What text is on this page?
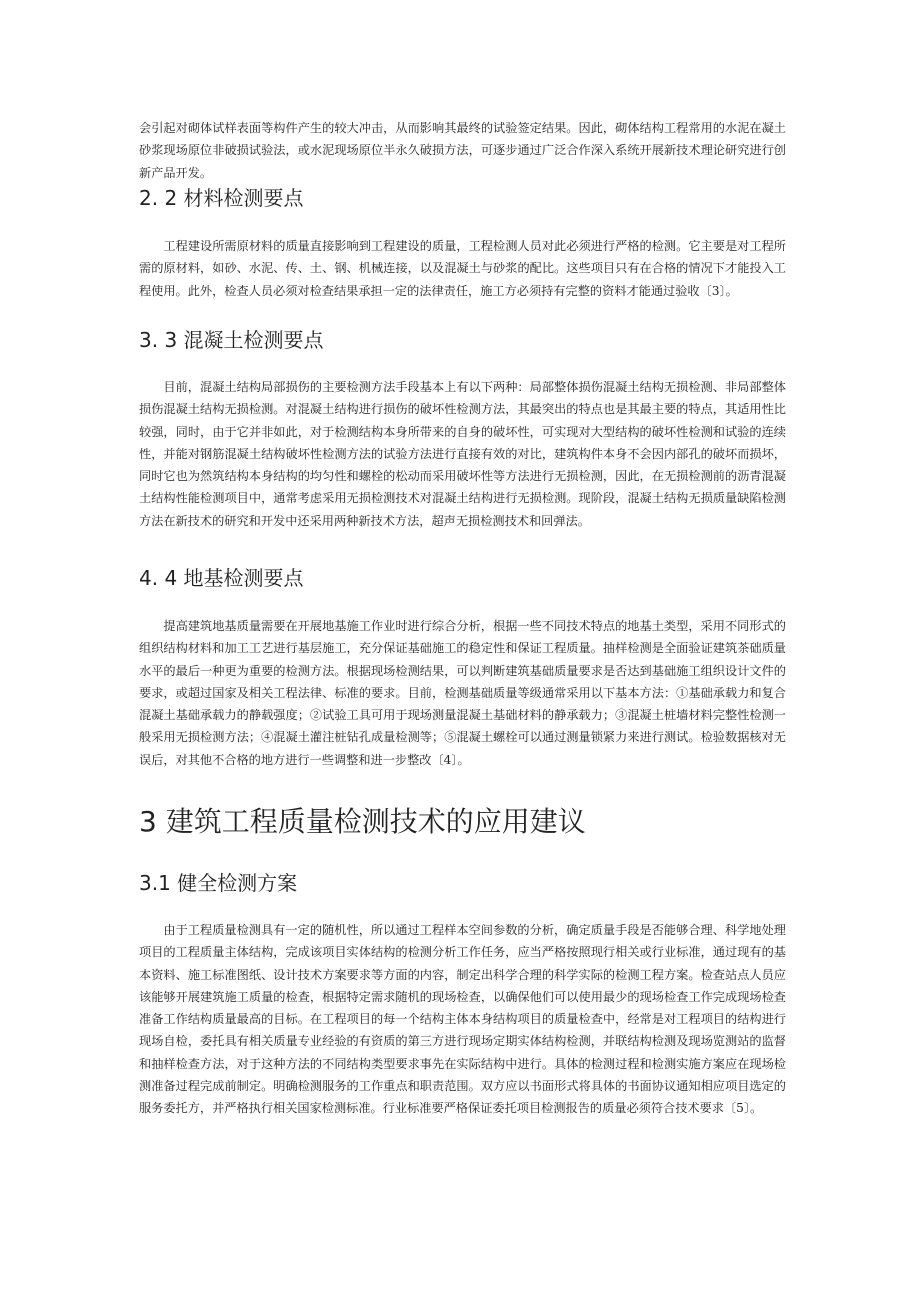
会引起对砌体试样表面等构件产生的较大冲击，从而影响其最终的试验签定结果。因此，砌体结构工程常用的水泥在凝土砂浆现场原位非破损试验法，或水泥现场原位半永久破损方法，可逐步通过广泛合作深入系统开展新技术理论研究进行创新产品开发。

2. 2 材料检测要点

工程建设所需原材料的质量直接影响到工程建设的质量，工程检测人员对此必须进行严格的检测。它主要是对工程所需的原材料，如砂、水泥、传、土、钢、机械连接，以及混凝土与砂浆的配比。这些项目只有在合格的情况下才能投入工程使用。此外，检查人员必须对检查结果承担一定的法律责任，施工方必须持有完整的资料才能通过验收〔3〕。

3. 3 混凝土检测要点

目前，混凝土结构局部损伤的主要检测方法手段基本上有以下两种：局部整体损伤混凝土结构无损检测、非局部整体损伤混凝土结构无损检测。对混凝土结构进行损伤的破坏性检测方法，其最突出的特点也是其最主要的特点，其适用性比较强，同时，由于它并非如此，对于检测结构本身所带来的自身的破坏性，可实现对大型结构的破坏性检测和试验的连续性，并能对钢筋混凝土结构破坏性检测方法的试验方法进行直接有效的对比，建筑构件本身不会因内部孔的破坏而损坏，同时它也为然筑结构本身结构的均匀性和螺栓的松动而采用破坏性等方法进行无损检测，因此，在无损检测前的沥青混凝土结构性能检测项目中，通常考虑采用无损检测技术对混凝土结构进行无损检测。现阶段，混凝土结构无损质量缺陷检测方法在新技术的研究和开发中还采用两种新技术方法，超声无损检测技术和回弹法。

4. 4 地基检测要点

提高建筑地基质量需要在开展地基施工作业时进行综合分析，根据一些不同技术特点的地基土类型，采用不同形式的组织结构材料和加工工艺进行基层施工，充分保证基础施工的稳定性和保证工程质量。抽样检测是全面验证建筑茶础质量水平的最后一种更为重要的检测方法。根据现场检测结果，可以判断建筑基础质量要求是否达到基础施工组织设计文件的要求，或超过国家及相关工程法律、标准的要求。目前，检测基础质量等级通常采用以下基本方法：①基础承载力和复合混凝土基础承载力的静载强度；②试验工具可用于现场测量混凝土基础材料的静承载力；③混凝土桩墙材料完整性检测一般采用无损检测方法；④混凝土灌注桩钻孔成量检测等；⑤混凝土螺栓可以通过测量锁紧力来进行测试。检验数据核对无误后，对其他不合格的地方进行一些调整和进一步整改〔4〕。

3 建筑工程质量检测技术的应用建议
3.1 健全检测方案

由于工程质量检测具有一定的随机性，所以通过工程样本空间参数的分析，确定质量手段是否能够合理、科学地处理项目的工程质量主体结构，完成该项目实体结构的检测分析工作任务，应当严格按照现行相关或行业标准，通过现有的基本资料、施工标准图纸、设计技术方案要求等方面的内容，制定出科学合理的科学实际的检测工程方案。检查站点人员应该能够开展建筑施工质量的检查，根据特定需求随机的现场检查，以确保他们可以使用最少的现场检查工作完成现场检查准备工作结构质量最高的目标。在工程项目的每一个结构主体本身结构项目的质量检查中，经常是对工程项目的结构进行现场自检，委托具有相关质量专业经验的有资质的第三方进行现场定期实体结构检测，并联结构检测及现场览测站的监督和抽样检查方法，对于这种方法的不同结构类型要求事先在实际结构中进行。具体的检测过程和检测实施方案应在现场检测准备过程完成前制定。明确检测服务的工作重点和职责范围。双方应以书面形式将具体的书面协议通知相应项目选定的服务委托方，并严格执行相关国家检测标准。行业标准要严格保证委托项目检测报告的质量必须符合技术要求〔5〕。
